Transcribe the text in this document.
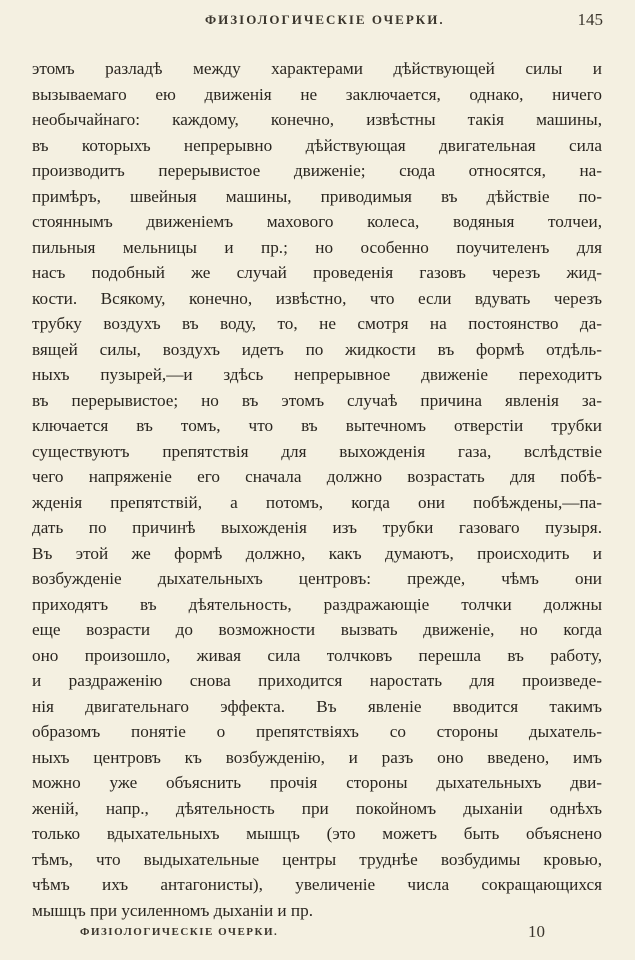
ФИЗІОЛОГИЧЕСКІЕ ОЧЕРКИ.	145
этомъ разладѣ между характерами дѣйствующей силы и
вызываемаго ею движенія не заключается, однако, ничего
необычайнаго: каждому, конечно, извѣстны такія машины,
въ которыхъ непрерывно дѣйствующая двигательная сила
производитъ перерывистое движеніе; сюда относятся, на-
примѣръ, швейныя машины, приводимыя въ дѣйствіе по-
стояннымъ движеніемъ махового колеса, водяныя толчеи,
пильныя мельницы и пр.; но особенно поучителенъ для
насъ подобный же случай проведенія газовъ черезъ жид-
кости. Всякому, конечно, извѣстно, что если вдувать черезъ
трубку воздухъ въ воду, то, не смотря на постоянство да-
вящей силы, воздухъ идетъ по жидкости въ формѣ отдѣль-
ныхъ пузырей,—и здѣсь непрерывное движеніе переходитъ
въ перерывистое; но въ этомъ случаѣ причина явленія за-
ключается въ томъ, что въ вытечномъ отверстіи трубки
существуютъ препятствія для выхожденія газа, вслѣдствіе
чего напряженіе его сначала должно возрастать для побѣ-
жденія препятствій, а потомъ, когда они побѣждены,—па-
дать по причинѣ выхожденія изъ трубки газоваго пузыря.
Въ этой же формѣ должно, какъ думаютъ, происходить и
возбужденіе дыхательныхъ центровъ: прежде, чѣмъ они
приходятъ въ дѣятельность, раздражающіе толчки должны
еще возрасти до возможности вызвать движеніе, но когда
оно произошло, живая сила толчковъ перешла въ работу,
и раздраженію снова приходится наростать для произведе-
нія двигательнаго эффекта. Въ явленіе вводится такимъ
образомъ понятіе о препятствіяхъ со стороны дыхатель-
ныхъ центровъ къ возбужденію, и разъ оно введено, имъ
можно уже объяснить прочія стороны дыхательныхъ дви-
женій, напр., дѣятельность при покойномъ дыханіи однѣхъ
только вдыхательныхъ мышцъ (это можетъ быть объяснено
тѣмъ, что выдыхательные центры труднѣе возбудимы кровью,
чѣмъ ихъ антагонисты), увеличеніе числа сокращающихся
мышцъ при усиленномъ дыханіи и пр.
ФИЗІОЛОГИЧЕСКІЕ ОЧЕРКИ.	10
